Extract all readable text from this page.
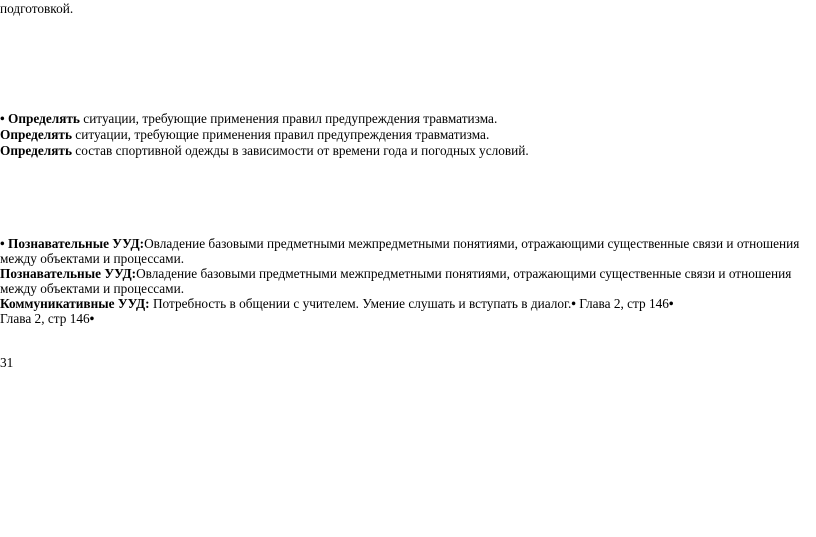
подготовкой.
• Определять ситуации, требующие применения правил предупреждения травматизма.
Определять ситуации, требующие применения правил предупреждения травматизма.
Определять состав спортивной одежды в зависимости от времени года и погодных условий.
• Познавательные УУД:Овладение базовыми предметными межпредметными понятиями, отражающими существенные связи и отношения между объектами и процессами.
Познавательные УУД:Овладение базовыми предметными межпредметными понятиями, отражающими существенные связи и отношения между объектами и процессами.
Коммуникативные УУД: Потребность в общении с учителем. Умение слушать и вступать в диалог.• Глава 2, стр 146•
Глава 2, стр 146•
31
